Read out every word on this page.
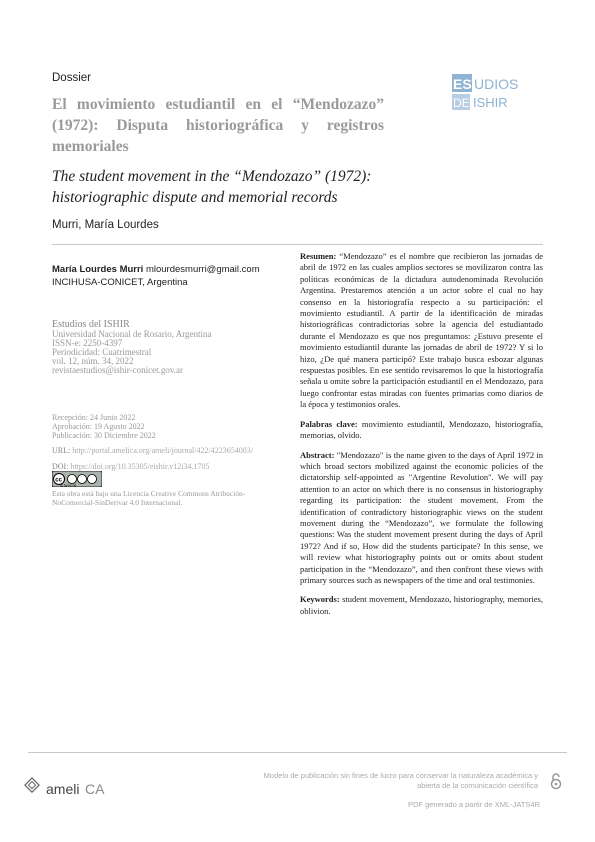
Dossier	EST
UDIOS
DEL
ISHIR
El movimiento estudiantil en el “Mendozazo” (1972): Disputa historiográfica y registros memoriales
The student movement in the “Mendozazo” (1972): historiographic dispute and memorial records
Murri, María Lourdes
María Lourdes Murri mlourdesmurri@gmail.com
INCIHUSA-CONICET, Argentina
Estudios del ISHIR
Universidad Nacional de Rosario, Argentina
ISSN-e: 2250-4397
Periodicidad: Cuatrimestral
vol. 12, núm. 34, 2022
revistaestudios@ishir-conicet.gov.ar
Recepción: 24 Junio 2022
Aprobación: 19 Agosto 2022
Publicación: 30 Diciembre 2022
URL: http://portal.amelica.org/ameli/journal/422/4223654003/
DOI: https://doi.org/10.35305/eishir.v12i34.1705
cc
cc by nc nd
Esta obra está bajo una Licencia Creative Commons Atribución-NoComercial-SinDerivar 4.0 Internacional.

Resumen: “Mendozazo” es el nombre que recibieron las jornadas de abril de 1972 en las cuales amplios sectores se movilizaron contra las políticas económicas de la dictadura autodenominada Revolución Argentina. Prestaremos atención a un actor sobre el cual no hay consenso en la historiografía respecto a su participación: el movimiento estudiantil. A partir de la identificación de miradas historiográficas contradictorias sobre la agencia del estudiantado durante el Mendozazo es que nos preguntamos: ¿Estuvo presente el movimiento estudiantil durante las jornadas de abril de 1972? Y si lo hizo, ¿De qué manera participó? Este trabajo busca esbozar algunas respuestas posibles. En ese sentido revisaremos lo que la historiografía señala u omite sobre la participación estudiantil en el Mendozazo, para luego confrontar estas miradas con fuentes primarias como diarios de la época y testimonios orales.

Palabras clave: movimiento estudiantil, Mendozazo, historiografía, memorias, olvido.

Abstract: "Mendozazo" is the name given to the days of April 1972 in which broad sectors mobilized against the economic policies of the dictatorship self-appointed as "Argentine Revolution". We will pay attention to an actor on which there is no consensus in historiography regarding its participation: the student movement. From the identification of contradictory historiographic views on the student movement during the “Mendozazo”, we formulate the following questions: Was the student movement present during the days of April 1972? And if so, How did the students participate? In this sense, we will review what historiography points out or omits about student participation in the “Mendozazo”, and then confront these views with primary sources such as newspapers of the time and oral testimonies.

Keywords: student movement, Mendozazo, historiography, memories, oblivion.

ameli CA
Modelo de publicación sin fines de lucro para conservar la naturaleza académica y
abierta de la comunicación científica
PDF generado a partir de XML-JATS4R
